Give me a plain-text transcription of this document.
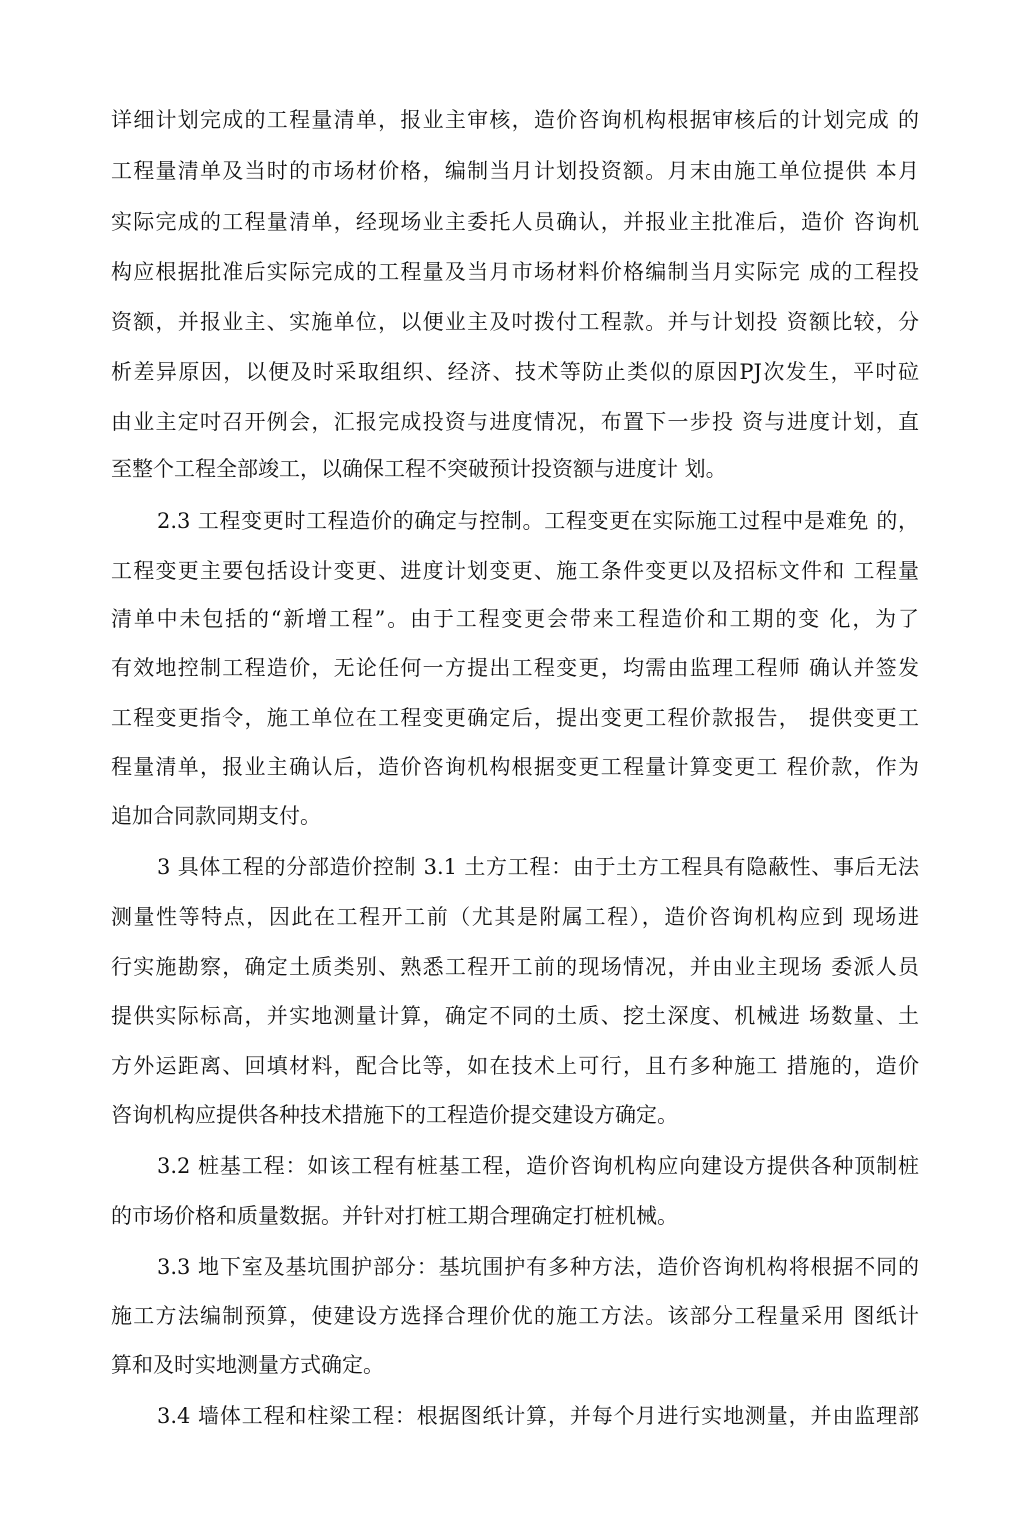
详细计划完成的工程量清单，报业主审核，造价咨询机构根据审核后的计划完成 的
工程量清单及当时的市场材价格，编制当月计划投资额。月末由施工单位提供 本月
实际完成的工程量清单，经现场业主委托人员确认，并报业主批准后，造价 咨询机
构应根据批准后实际完成的工程量及当月市场材料价格编制当月实际完 成的工程投
资额，并报业主、实施单位，以便业主及吋拨付工程款。并与计划投 资额比较，分
析差异原因，以便及时采取组织、经济、技术等防止类似的原因PJ次发生，平吋砬
由业主定吋召开例会，汇报完成投资与进度情况，布置下一步投 资与进度计划，直
至整个工程全部竣工，以确保工程不突破预计投资额与进度计 划。
2.3 工程变更时工程造价的确定与控制。工程变更在实际施工过程中是难免 的，
工程变更主要包括设计变更、进度计划变更、施工条件变更以及招标文件和 工程量
清单中未包括的“新增工程”。由于工程变更会带来工程造价和工期的变 化，为了
有效地控制工程造价，无论任何一方提出工程变更，均需由监理工程师 确认并签发
工程变更指令，施工单位在工程变更确定后，提出变更工程价款报告， 提供变更工
程量清单，报业主确认后，造价咨询机构根据变更工程量计算变更工 程价款，作为
追加合同款同期支付。
3 具体工程的分部造价控制 3.1 土方工程：由于土方工程具有隐蔽性、事后无法
测量性等特点，因此在工程开工前（尤其是附属工程），造价咨询机构应到 现场进
行实施勘察，确定土质类别、熟悉工程开工前的现场情况，并由业主现场 委派人员
提供实际标高，并实地测量计算，确定不同的土质、挖土深度、机械进 场数量、土
方外运距离、回填材料，配合比等，如在技术上可行，且冇多种施工 措施的，造价
咨询机构应提供各种技术措施下的工程造价提交建设方确定。
3.2 桩基工程：如该工程有桩基工程，造价咨询机构应向建设方提供各种顶制桩
的市场价格和质量数据。并针对打桩工期合理确定打桩机械。
3.3 地下室及基坑围护部分：基坑围护有多种方法，造价咨询机构将根据不同的
施工方法编制预算，使建设方选择合理价优的施工方法。该部分工程量采用 图纸计
算和及时实地测量方式确定。
3.4 墙体工程和柱梁工程：根据图纸计算，并每个月进行实地测量，并由监理部
